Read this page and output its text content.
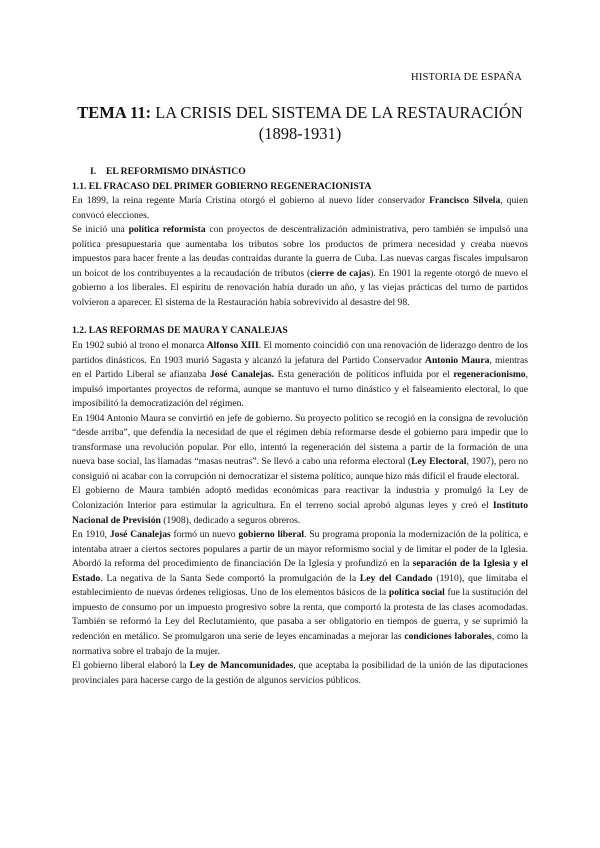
HISTORIA DE ESPAÑA
TEMA 11: LA CRISIS DEL SISTEMA DE LA RESTAURACIÓN
(1898-1931)
I. EL REFORMISMO DINÁSTICO
1.1. EL FRACASO DEL PRIMER GOBIERNO REGENERACIONISTA

En 1899, la reina regente María Cristina otorgó el gobierno al nuevo líder conservador Francisco Silvela, quien convocó elecciones.

Se inició una política reformista con proyectos de descentralización administrativa, pero también se impulsó una política presupuestaria que aumentaba los tributos sobre los productos de primera necesidad y creaba nuevos impuestos para hacer frente a las deudas contraídas durante la guerra de Cuba. Las nuevas cargas fiscales impulsaron un boicot de los contribuyentes a la recaudación de tributos (cierre de cajas). En 1901 la regente otorgó de nuevo el gobierno a los liberales. El espíritu de renovación había durado un año, y las viejas prácticas del turno de partidos volvieron a aparecer. El sistema de la Restauración había sobrevivido al desastre del 98.

1.2. LAS REFORMAS DE MAURA Y CANALEJAS

En 1902 subió al trono el monarca Alfonso XIII. El momento coincidió con una renovación de liderazgo dentro de los partidos dinásticos. En 1903 murió Sagasta y alcanzó la jefatura del Partido Conservador Antonio Maura, mientras en el Partido Liberal se afianzaba José Canalejas. Esta generación de políticos influida por el regeneracionismo, impulsó importantes proyectos de reforma, aunque se mantuvo el turno dinástico y el falseamiento electoral, lo que imposibilitó la democratización del régimen.

En 1904 Antonio Maura se convirtió en jefe de gobierno. Su proyecto político se recogió en la consigna de revolución “desde arriba”, que defendía la necesidad de que el régimen debía reformarse desde el gobierno para impedir que lo transformase una revolución popular. Por ello, intentó la regeneración del sistema a partir de la formación de una nueva base social, las llamadas “masas neutras”. Se llevó a cabo una reforma electoral (Ley Electoral, 1907), pero no consiguió ni acabar con la corrupción ni democratizar el sistema político, aunque hizo más difícil el fraude electoral.

El gobierno de Maura también adoptó medidas económicas para reactivar la industria y promulgó la Ley de Colonización Interior para estimular la agricultura. En el terreno social aprobó algunas leyes y creó el Instituto Nacional de Previsión (1908), dedicado a seguros obreros.

En 1910, José Canalejas formó un nuevo gobierno liberal. Su programa proponía la modernización de la política, e intentaba atraer a ciertos sectores populares a partir de un mayor reformismo social y de limitar el poder de la Iglesia. Abordó la reforma del procedimiento de financiación De la Iglesia y profundizó en la separación de la Iglesia y el Estado. La negativa de la Santa Sede comportó la promulgación de la Ley del Candado (1910), que limitaba el establecimiento de nuevas órdenes religiosas. Uno de los elementos básicos de la política social fue la sustitución del impuesto de consumo por un impuesto progresivo sobre la renta, que comportó la protesta de las clases acomodadas. También se reformó la Ley del Reclutamiento, que pasaba a ser obligatorio en tiempos de guerra, y se suprimió la redención en metálico. Se promulgaron una serie de leyes encaminadas a mejorar las condiciones laborales, como la normativa sobre el trabajo de la mujer.

El gobierno liberal elaboró la Ley de Mancomunidades, que aceptaba la posibilidad de la unión de las diputaciones provinciales para hacerse cargo de la gestión de algunos servicios públicos.
